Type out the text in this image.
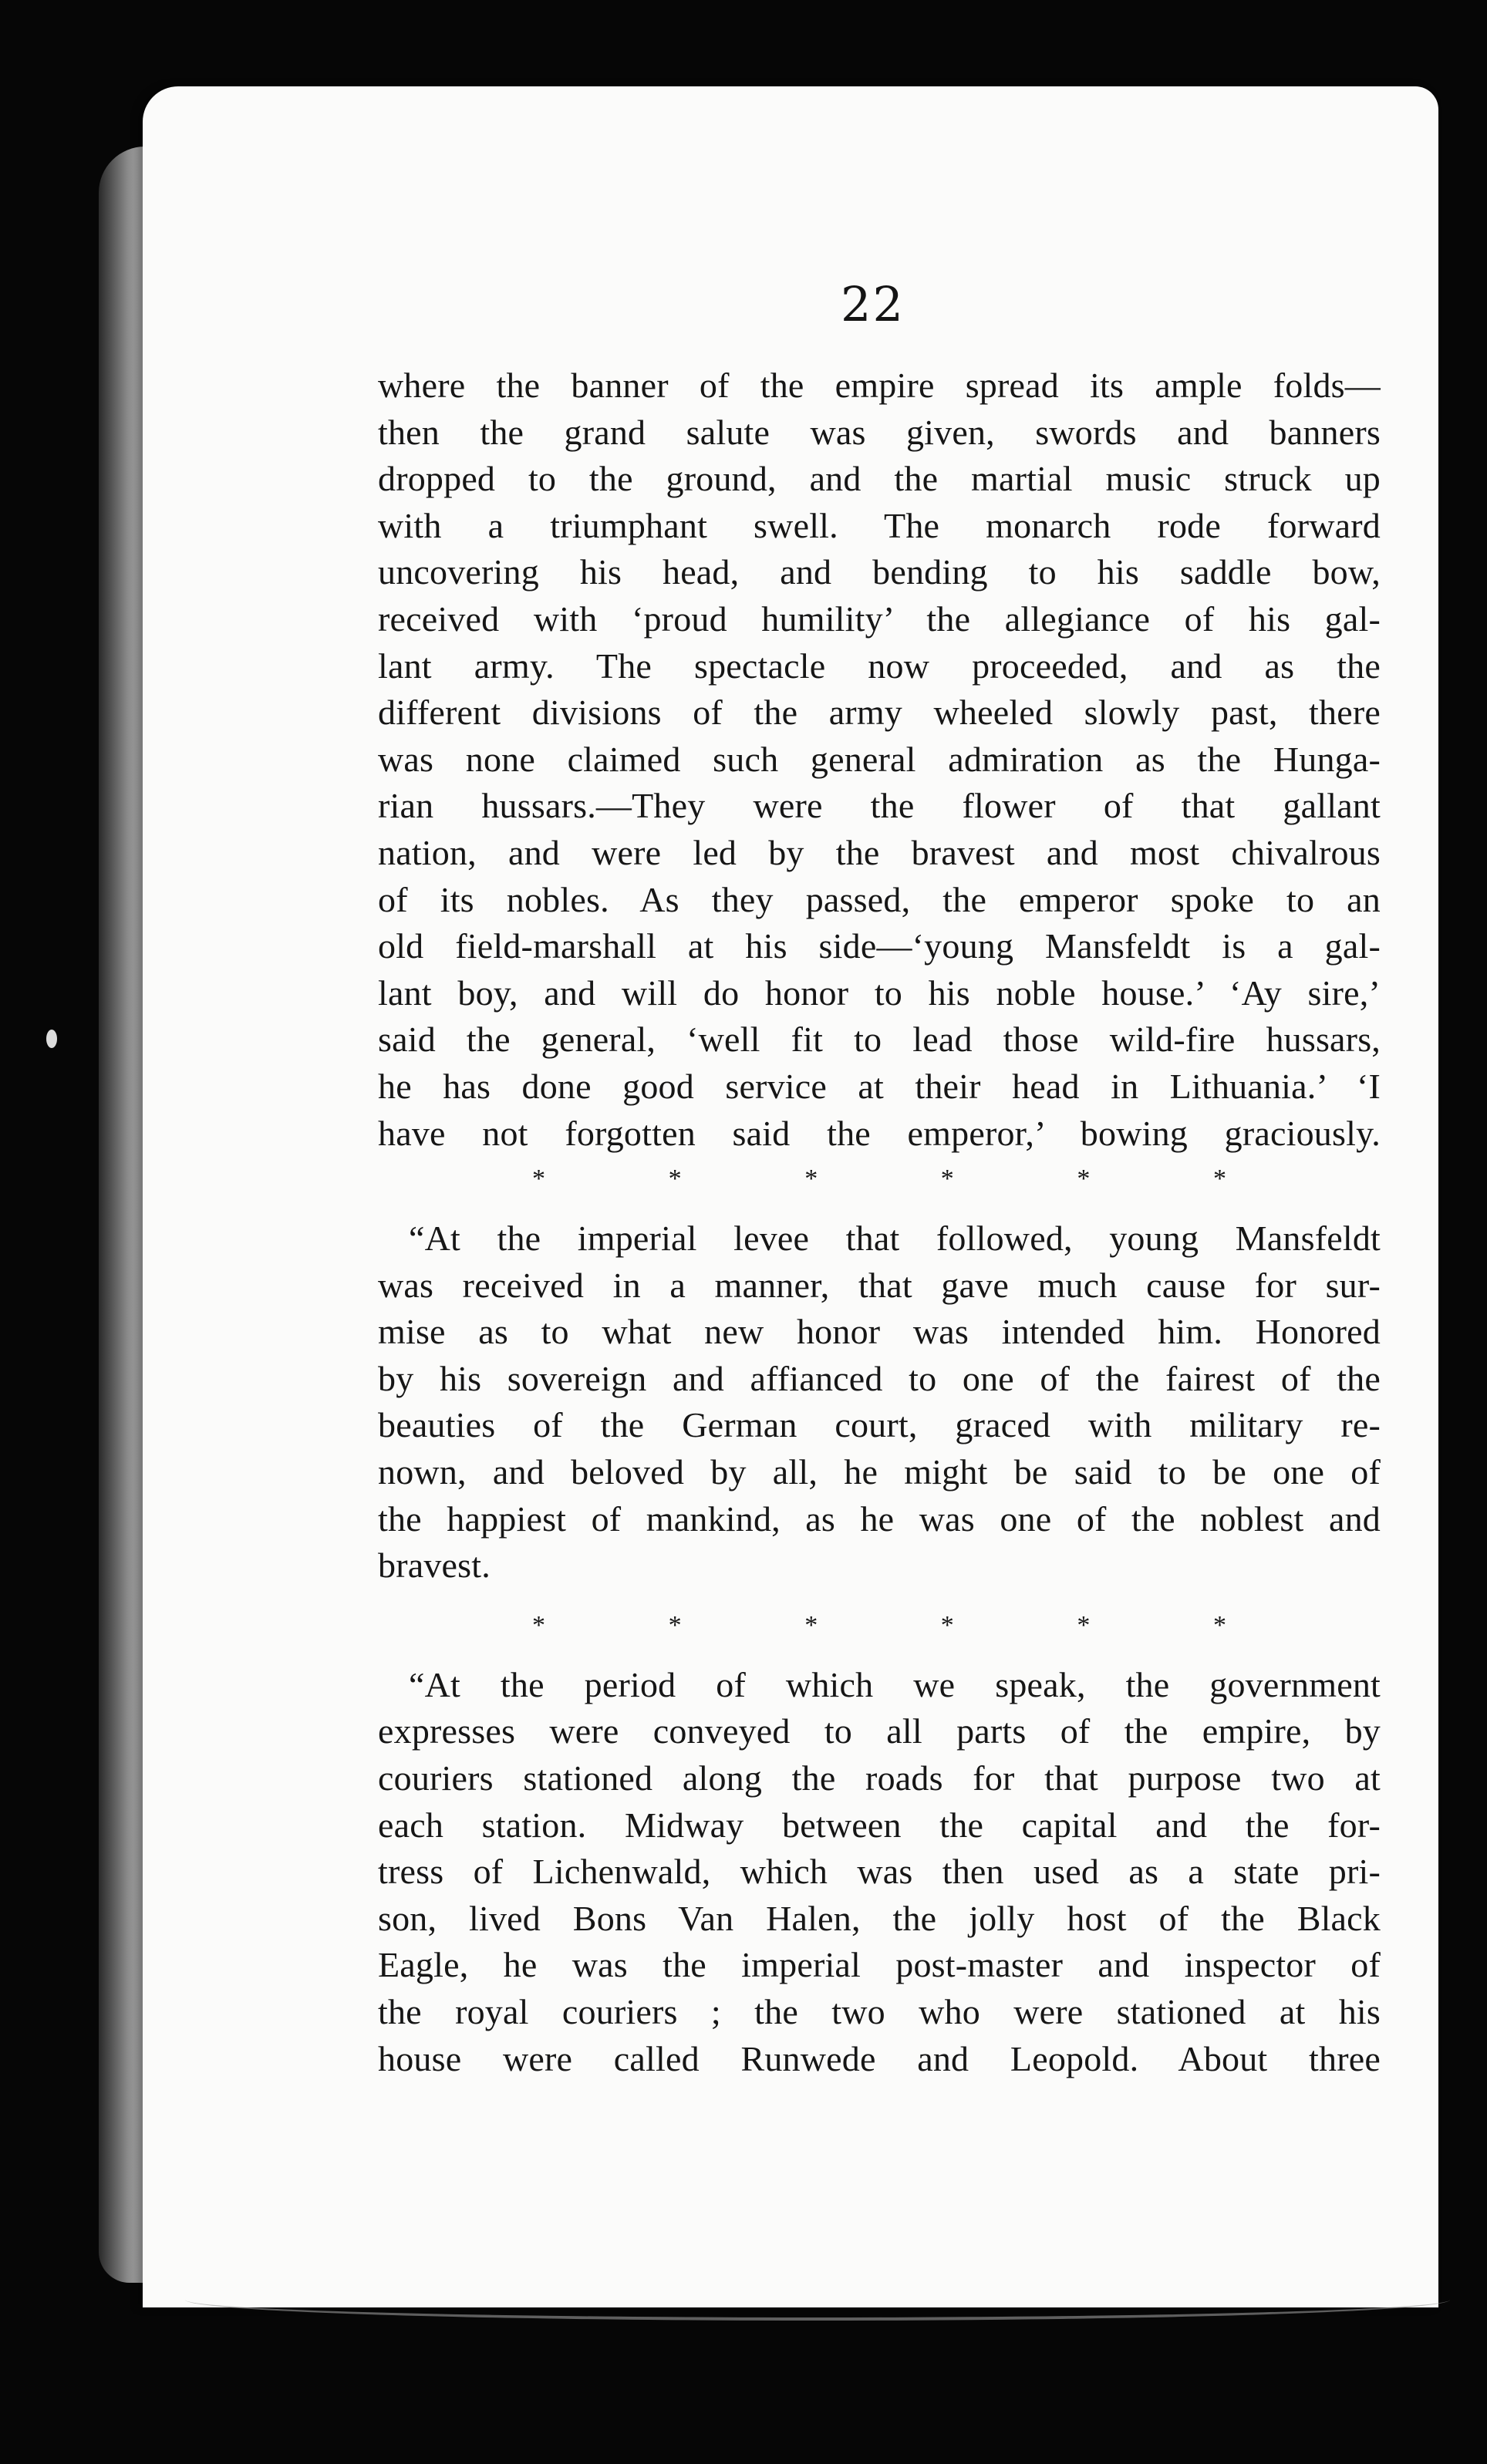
22
where the banner of the empire spread its ample folds—
then the grand salute was given, swords and banners
dropped to the ground, and the martial music struck up
with a triumphant swell. The monarch rode forward
uncovering his head, and bending to his saddle bow,
received with ‘proud humility’ the allegiance of his gal-
lant army. The spectacle now proceeded, and as the
different divisions of the army wheeled slowly past, there
was none claimed such general admiration as the Hunga-
rian hussars.—They were the flower of that gallant
nation, and were led by the bravest and most chivalrous
of its nobles. As they passed, the emperor spoke to an
old field-marshall at his side—‘young Mansfeldt is a gal-
lant boy, and will do honor to his noble house.’ ‘Ay sire,’
said the general, ‘well fit to lead those wild-fire hussars,
he has done good service at their head in Lithuania.’ ‘I
have not forgotten said the emperor,’ bowing graciously.
*	*	*	*	*	*
“At the imperial levee that followed, young Mansfeldt
was received in a manner, that gave much cause for sur-
mise as to what new honor was intended him. Honored
by his sovereign and affianced to one of the fairest of the
beauties of the German court, graced with military re-
nown, and beloved by all, he might be said to be one of
the happiest of mankind, as he was one of the noblest and
bravest.
*	*	*	*	*	*
“At the period of which we speak, the government
expresses were conveyed to all parts of the empire, by
couriers stationed along the roads for that purpose two at
each station. Midway between the capital and the for-
tress of Lichenwald, which was then used as a state pri-
son, lived Bons Van Halen, the jolly host of the Black
Eagle, he was the imperial post-master and inspector of
the royal couriers ; the two who were stationed at his
house were called Runwede and Leopold. About three
